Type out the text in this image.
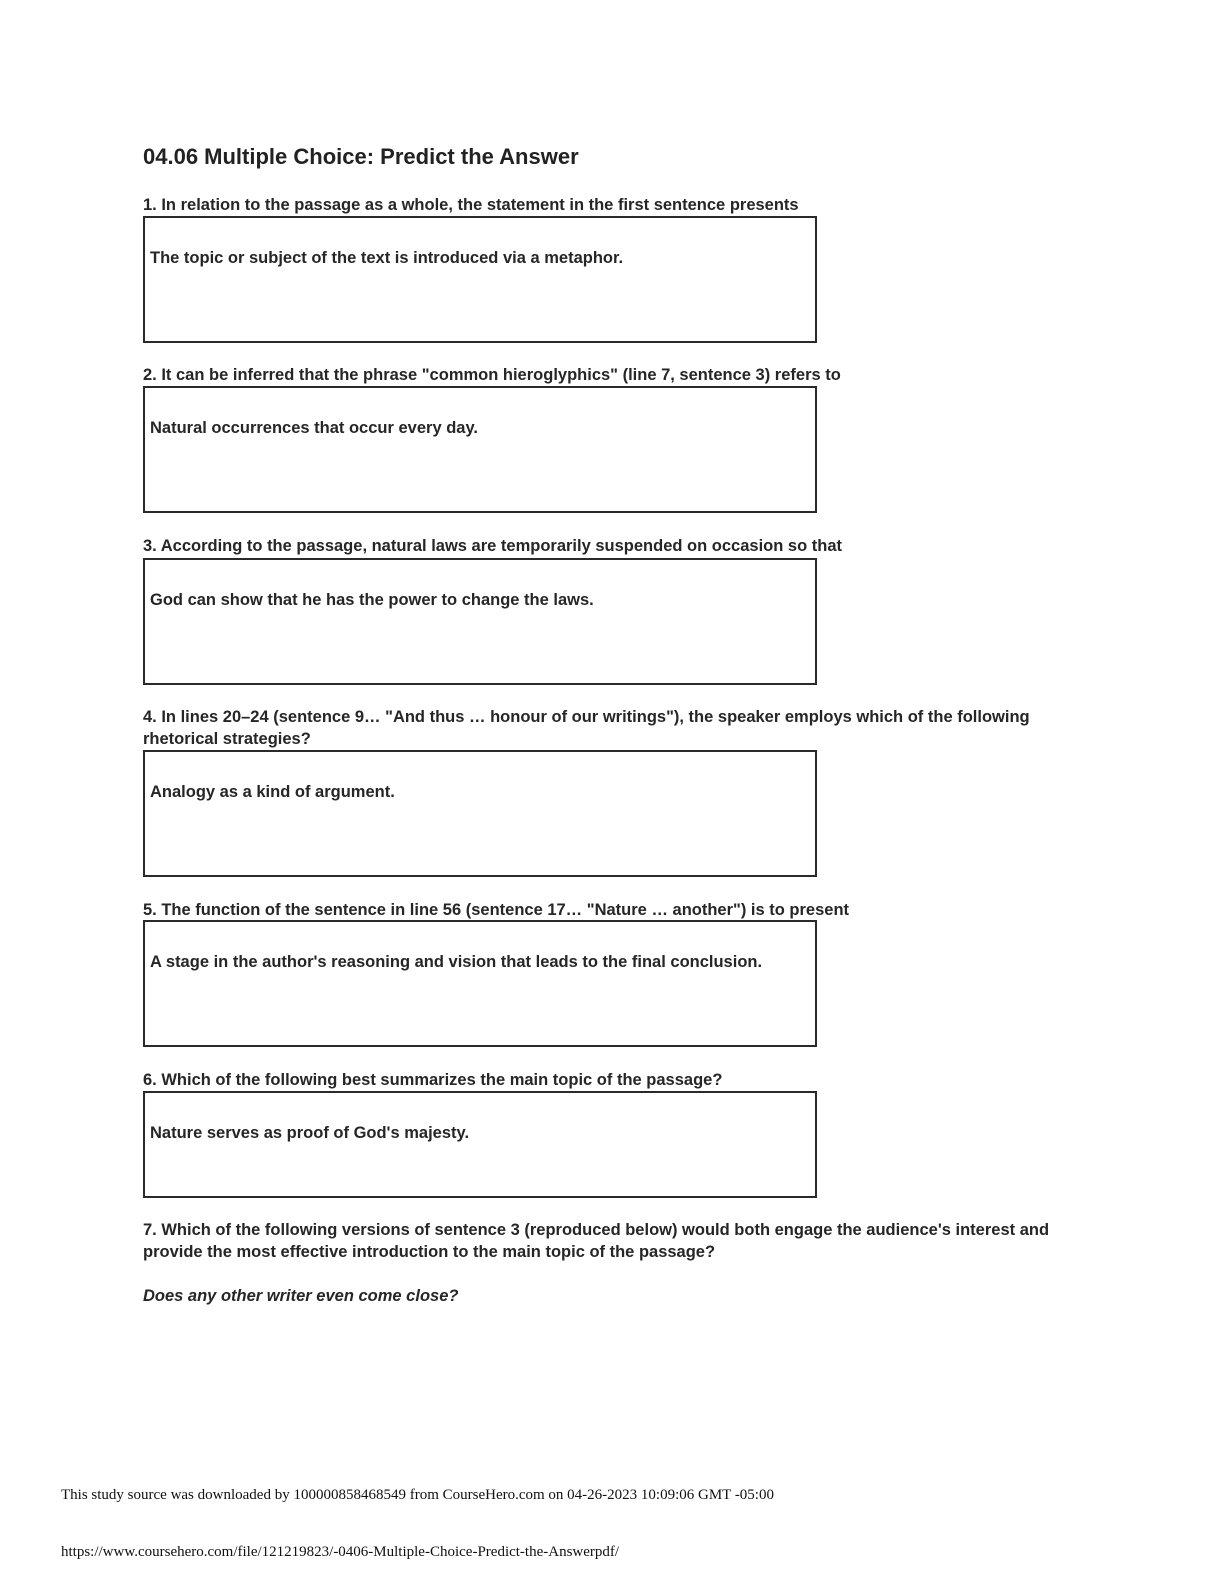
04.06 Multiple Choice: Predict the Answer

1. In relation to the passage as a whole, the statement in the first sentence presents

The topic or subject of the text is introduced via a metaphor.

2. It can be inferred that the phrase "common hieroglyphics" (line 7, sentence 3) refers to

Natural occurrences that occur every day.

3. According to the passage, natural laws are temporarily suspended on occasion so that

God can show that he has the power to change the laws.

4. In lines 20–24 (sentence 9… "And thus … honour of our writings"), the speaker employs which of the following rhetorical strategies?

Analogy as a kind of argument.

5. The function of the sentence in line 56 (sentence 17… "Nature … another") is to present

A stage in the author's reasoning and vision that leads to the final conclusion.

6. Which of the following best summarizes the main topic of the passage?

Nature serves as proof of God's majesty.

7. Which of the following versions of sentence 3 (reproduced below) would both engage the audience's interest and provide the most effective introduction to the main topic of the passage?

Does any other writer even come close?

This study source was downloaded by 100000858468549 from CourseHero.com on 04-26-2023 10:09:06 GMT -05:00
https://www.coursehero.com/file/121219823/-0406-Multiple-Choice-Predict-the-Answerpdf/
